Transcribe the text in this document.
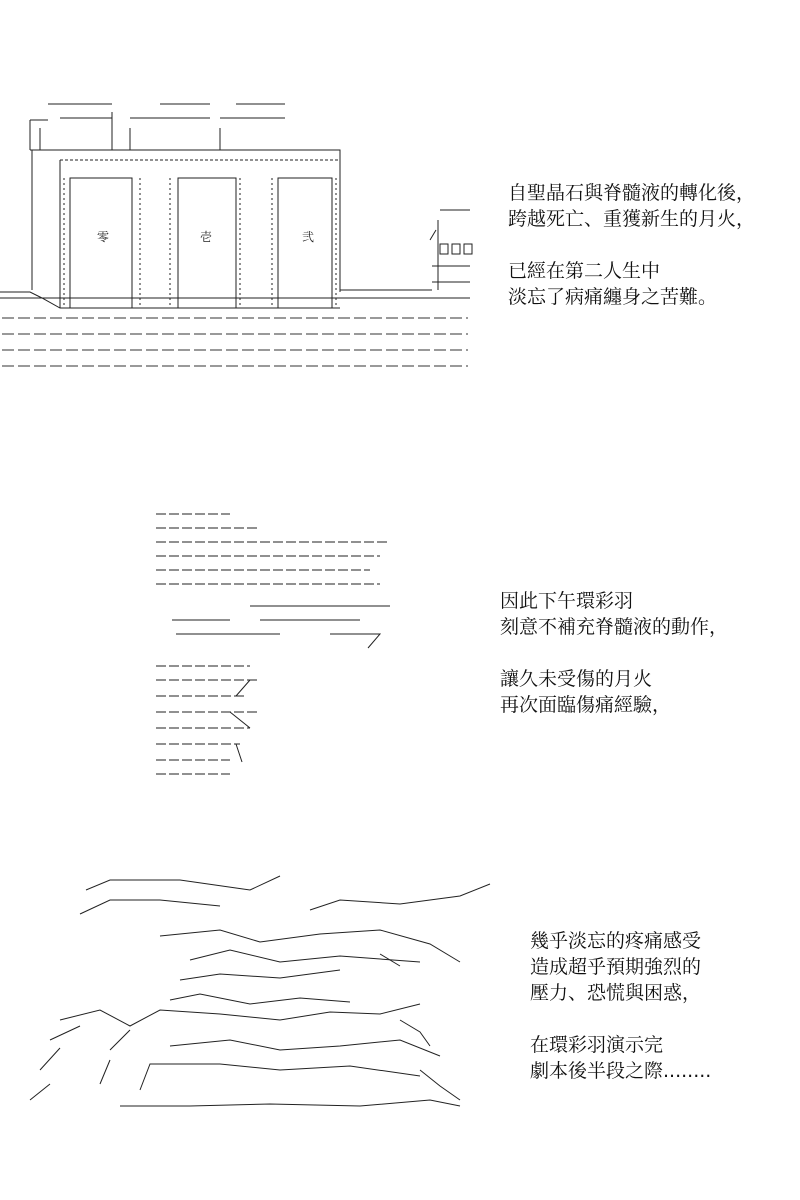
零	壱	弐

自聖晶石與脊髓液的轉化後，

跨越死亡、重獲新生的月火，

已經在第二人生中

淡忘了病痛纏身之苦難。

因此下午環彩羽

刻意不補充脊髓液的動作，

讓久未受傷的月火

再次面臨傷痛經驗，

幾乎淡忘的疼痛感受

造成超乎預期強烈的

壓力、恐慌與困惑，

在環彩羽演示完

劇本後半段之際........
